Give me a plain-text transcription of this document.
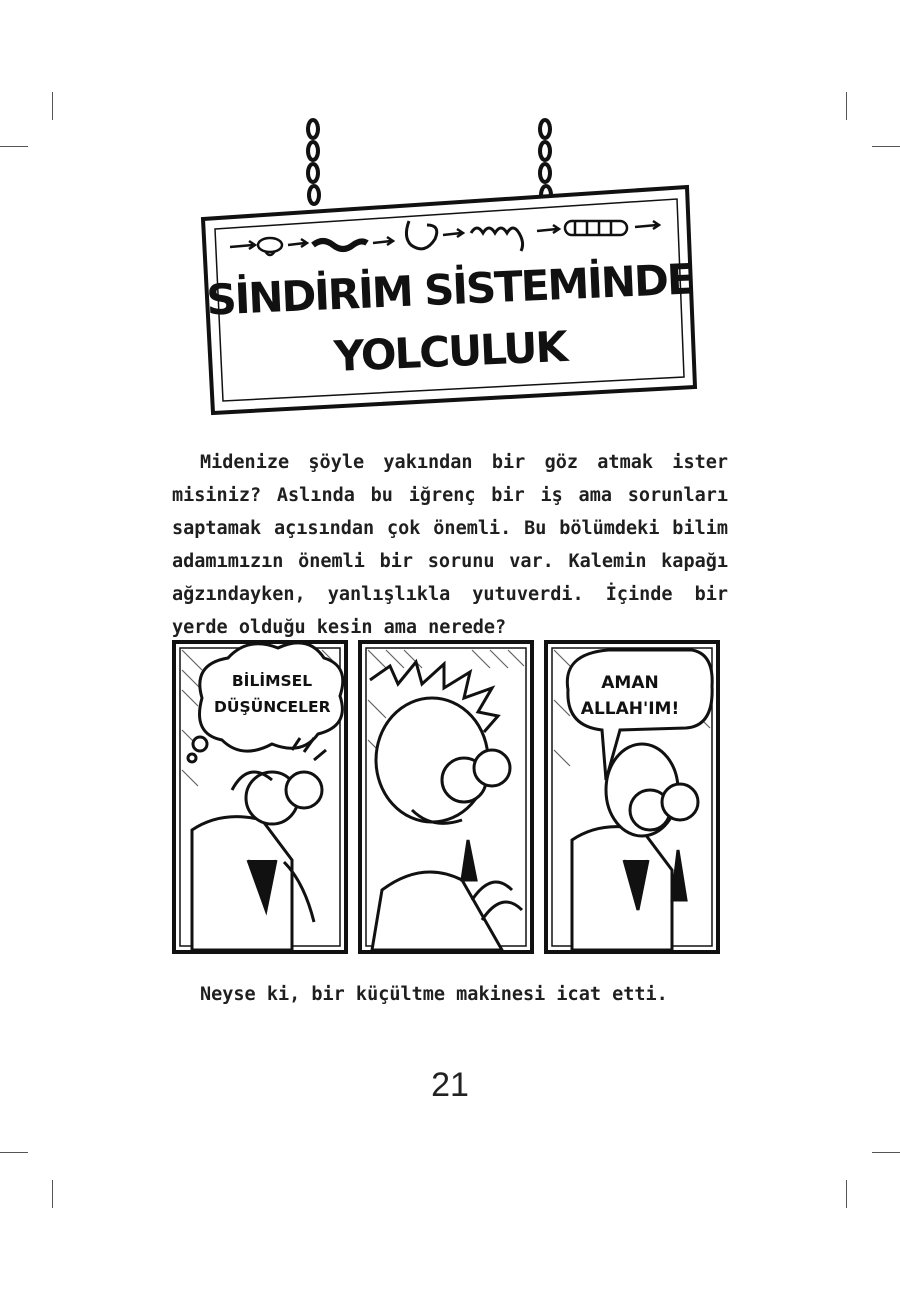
SİNDİRİM SİSTEMİNDE
YOLCULUK
Midenize şöyle yakından bir göz atmak ister misiniz? Aslında bu iğrenç bir iş ama sorunları saptamak açısından çok önemli. Bu bölümdeki bilim adamımızın önemli bir sorunu var. Kalemin kapağı ağzındayken, yanlışlıkla yutuverdi. İçinde bir yerde olduğu kesin ama nerede?
BİLİMSEL
DÜŞÜNCELER
AMAN
ALLAH'IM!
Neyse ki, bir küçültme makinesi icat etti.
21
